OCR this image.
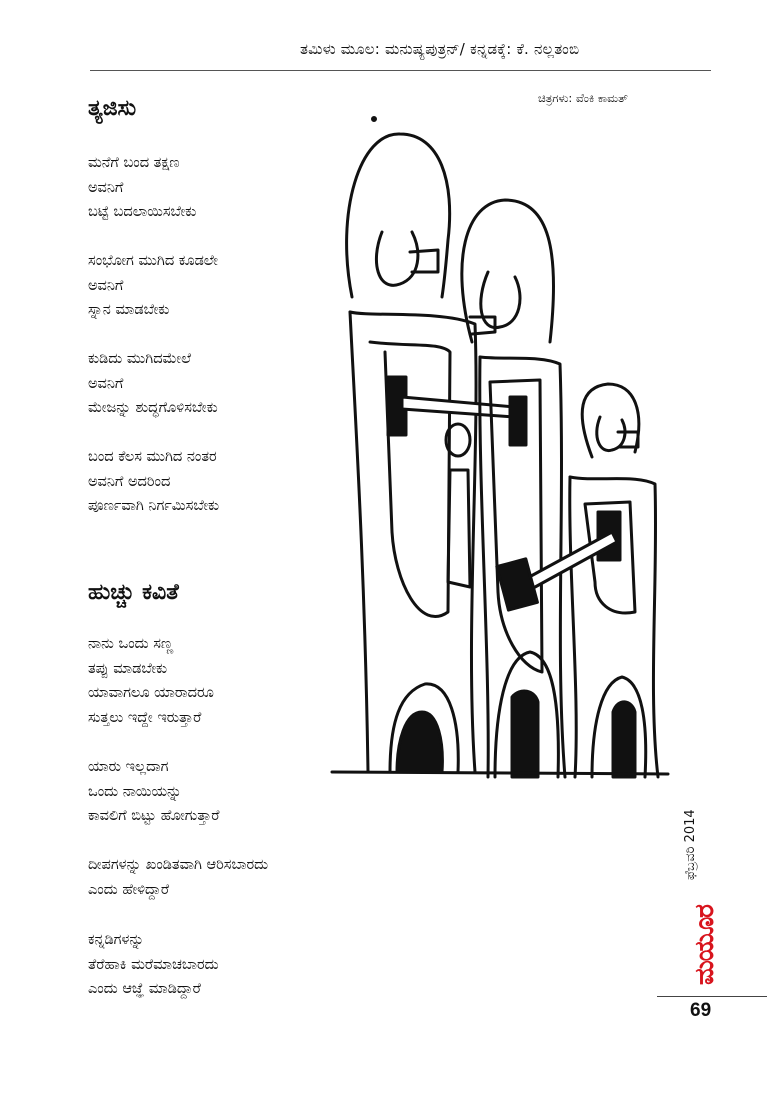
ತಮಿಳು ಮೂಲ: ಮನುಷ್ಯಪುತ್ರನ್/ ಕನ್ನಡಕ್ಕೆ: ಕೆ. ನಲ್ಲತಂಬಿ
ಚಿತ್ರಗಳು: ವೆಂಕಿ ಕಾಮತ್
ತ್ಯಜಿಸು
ಮನೆಗೆ ಬಂದ ತಕ್ಷಣ
ಅವನಿಗೆ
ಬಟ್ಟೆ ಬದಲಾಯಿಸಬೇಕು
ಸಂಭೋಗ ಮುಗಿದ ಕೂಡಲೇ
ಅವನಿಗೆ
ಸ್ನಾನ ಮಾಡಬೇಕು
ಕುಡಿದು ಮುಗಿದಮೇಲೆ
ಅವನಿಗೆ
ಮೇಜನ್ನು ಶುದ್ಧಗೊಳಿಸಬೇಕು
ಬಂದ ಕೆಲಸ ಮುಗಿದ ನಂತರ
ಅವನಿಗೆ ಅದರಿಂದ
ಪೂರ್ಣವಾಗಿ ನಿರ್ಗಮಿಸಬೇಕು
ಹುಚ್ಚು ಕವಿತೆ
ನಾನು ಒಂದು ಸಣ್ಣ
ತಪ್ಪು ಮಾಡಬೇಕು
ಯಾವಾಗಲೂ ಯಾರಾದರೂ
ಸುತ್ತಲು ಇದ್ದೇ ಇರುತ್ತಾರೆ
ಯಾರು ಇಲ್ಲದಾಗ
ಒಂದು ನಾಯಿಯನ್ನು
ಕಾವಲಿಗೆ ಬಿಟ್ಟು ಹೋಗುತ್ತಾರೆ
ದೀಪಗಳನ್ನು ಖಂಡಿತವಾಗಿ ಆರಿಸಬಾರದು
ಎಂದು ಹೇಳಿದ್ದಾರೆ
ಕನ್ನಡಿಗಳನ್ನು
ತೆರೆಹಾಕಿ ಮರೆಮಾಚಬಾರದು
ಎಂದು ಆಜ್ಞೆ ಮಾಡಿದ್ದಾರೆ
ಫೆಬ್ರವರಿ 2014
ಮಯೂರ
69
